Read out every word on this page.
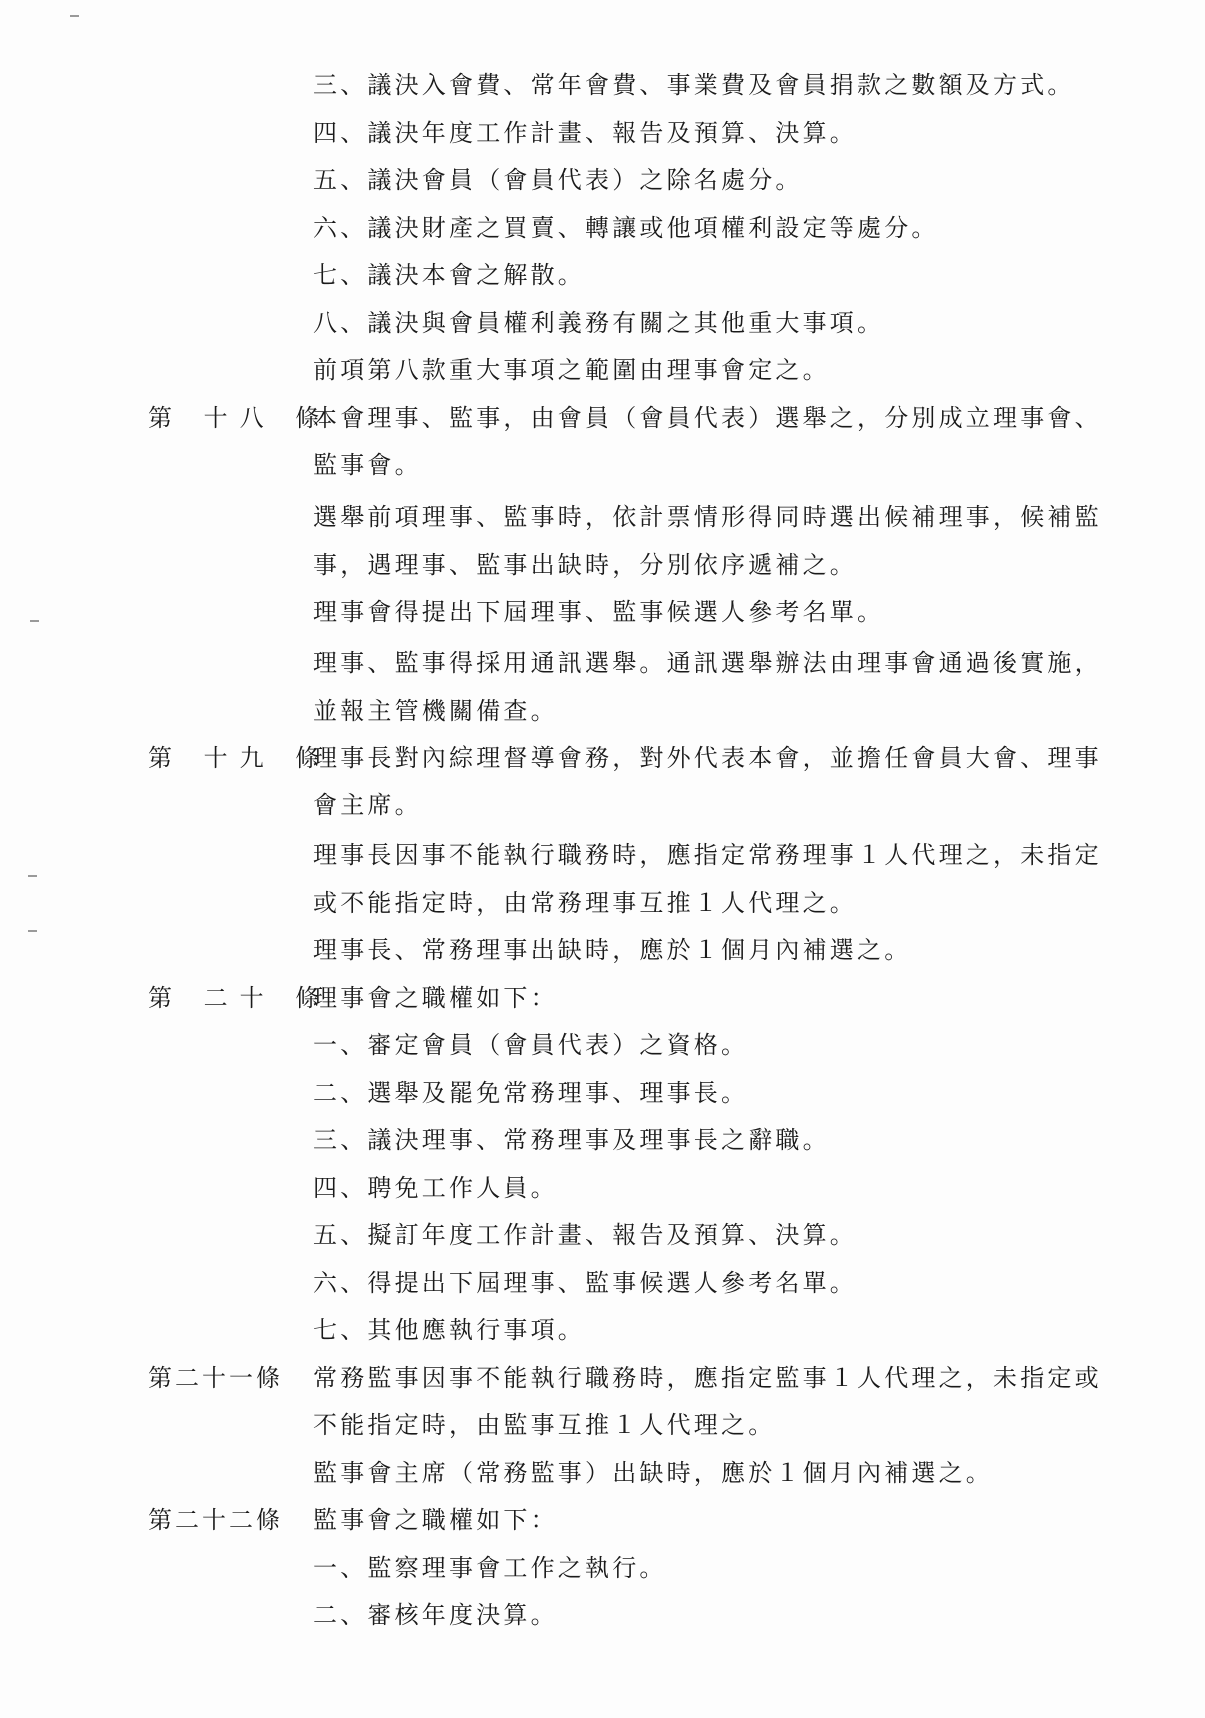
三、議決入會費、常年會費、事業費及會員捐款之數額及方式。
四、議決年度工作計畫、報告及預算、決算。
五、議決會員（會員代表）之除名處分。
六、議決財產之買賣、轉讓或他項權利設定等處分。
七、議決本會之解散。
八、議決與會員權利義務有關之其他重大事項。
前項第八款重大事項之範圍由理事會定之。
第 十八 條
本會理事、監事，由會員（會員代表）選舉之，分別成立理事會、
監事會。
選舉前項理事、監事時，依計票情形得同時選出候補理事，候補監
事，遇理事、監事出缺時，分別依序遞補之。
理事會得提出下屆理事、監事候選人參考名單。
理事、監事得採用通訊選舉。通訊選舉辦法由理事會通過後實施，
並報主管機關備查。
第 十九 條
理事長對內綜理督導會務，對外代表本會，並擔任會員大會、理事
會主席。
理事長因事不能執行職務時，應指定常務理事１人代理之，未指定
或不能指定時，由常務理事互推１人代理之。
理事長、常務理事出缺時，應於１個月內補選之。
第 二十 條
理事會之職權如下：
一、審定會員（會員代表）之資格。
二、選舉及罷免常務理事、理事長。
三、議決理事、常務理事及理事長之辭職。
四、聘免工作人員。
五、擬訂年度工作計畫、報告及預算、決算。
六、得提出下屆理事、監事候選人參考名單。
七、其他應執行事項。
第二十一條 常務監事因事不能執行職務時，應指定監事１人代理之，未指定或
不能指定時，由監事互推１人代理之。
監事會主席（常務監事）出缺時，應於１個月內補選之。
第二十二條 監事會之職權如下：
一、監察理事會工作之執行。
二、審核年度決算。
